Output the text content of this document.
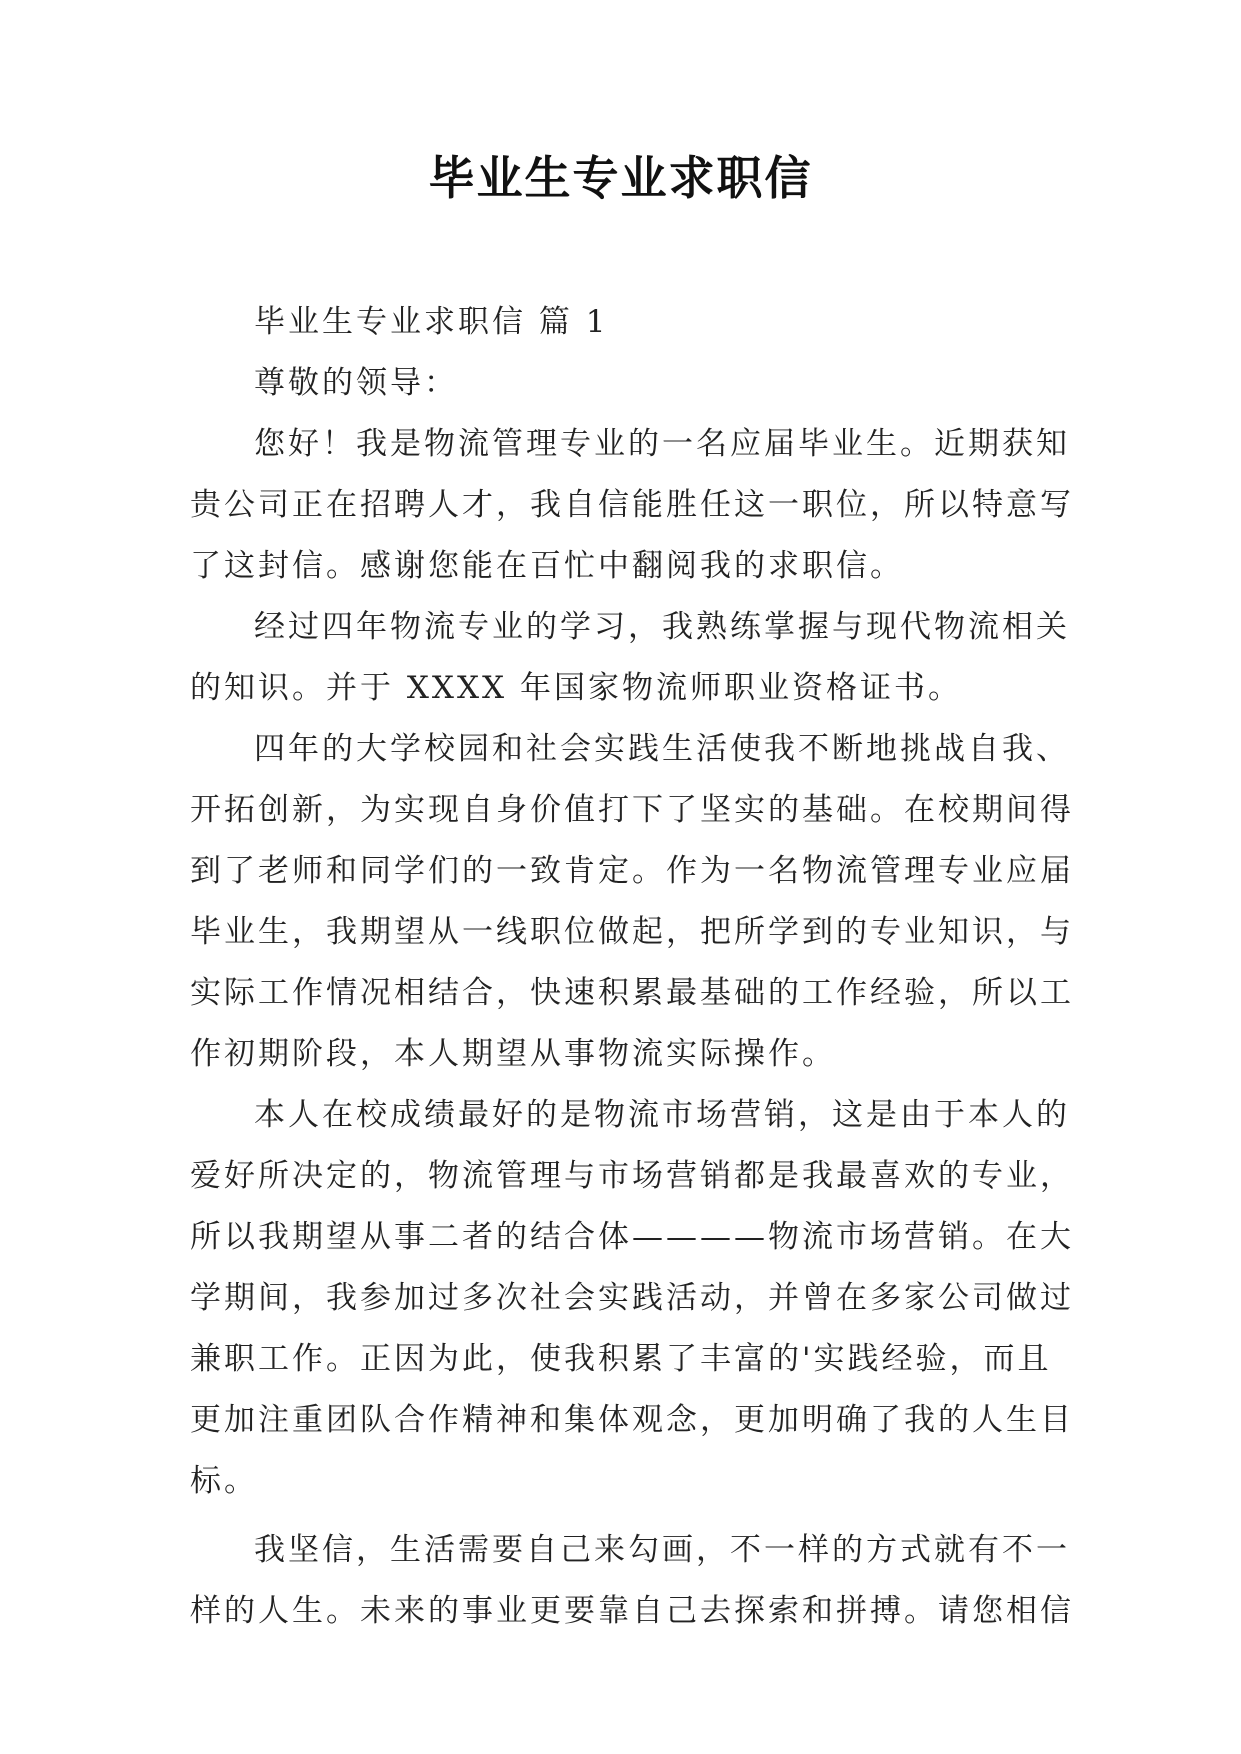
毕业生专业求职信
毕业生专业求职信 篇 1
尊敬的领导：
您好！我是物流管理专业的一名应届毕业生。近期获知
贵公司正在招聘人才，我自信能胜任这一职位，所以特意写
了这封信。感谢您能在百忙中翻阅我的求职信。
经过四年物流专业的学习，我熟练掌握与现代物流相关
的知识。并于 XXXX 年国家物流师职业资格证书。
四年的大学校园和社会实践生活使我不断地挑战自我、
开拓创新，为实现自身价值打下了坚实的基础。在校期间得
到了老师和同学们的一致肯定。作为一名物流管理专业应届
毕业生，我期望从一线职位做起，把所学到的专业知识，与
实际工作情况相结合，快速积累最基础的工作经验，所以工
作初期阶段，本人期望从事物流实际操作。
本人在校成绩最好的是物流市场营销，这是由于本人的
爱好所决定的，物流管理与市场营销都是我最喜欢的专业，
所以我期望从事二者的结合体————物流市场营销。在大
学期间，我参加过多次社会实践活动，并曾在多家公司做过
兼职工作。正因为此，使我积累了丰富的'实践经验，而且
更加注重团队合作精神和集体观念，更加明确了我的人生目
标。
我坚信，生活需要自己来勾画，不一样的方式就有不一
样的人生。未来的事业更要靠自己去探索和拼搏。请您相信
